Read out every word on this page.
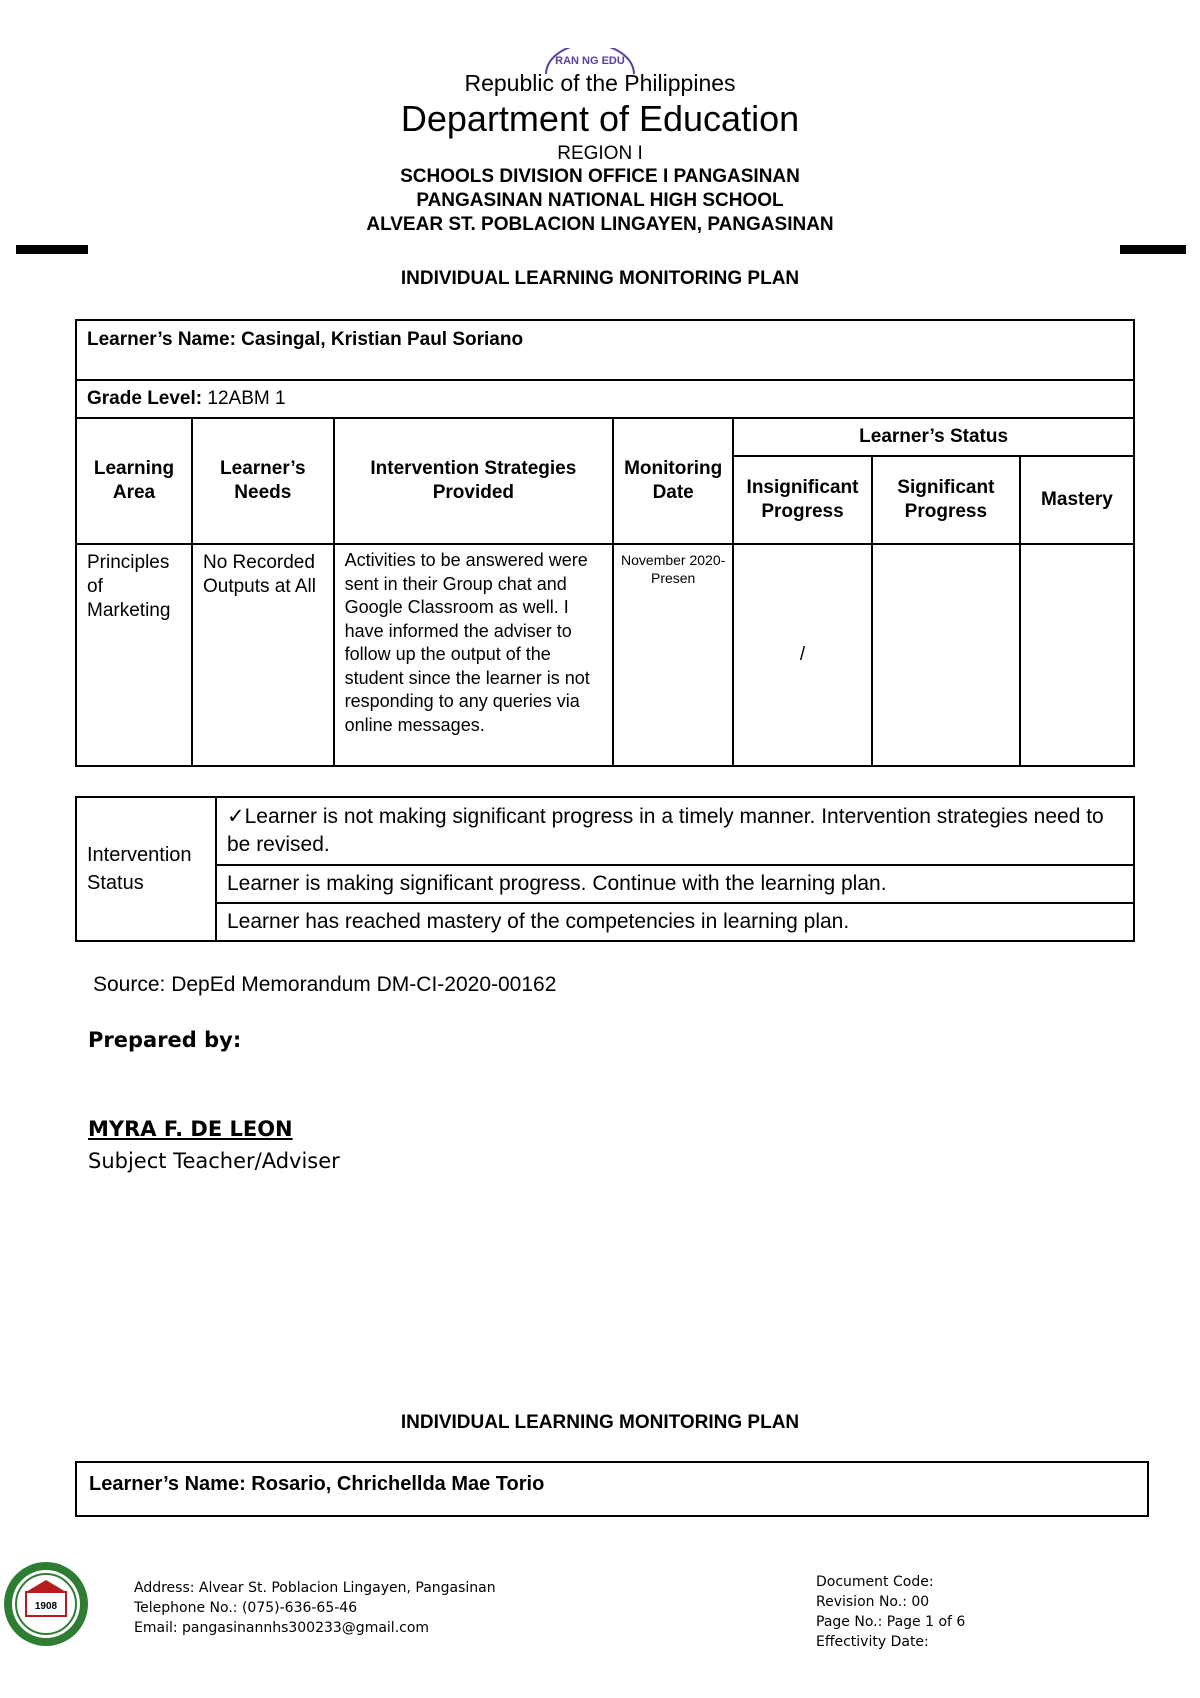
RAN NG EDU
Republic of the Philippines
Department of Education
REGION I
SCHOOLS DIVISION OFFICE I PANGASINAN
PANGASINAN NATIONAL HIGH SCHOOL
ALVEAR ST. POBLACION LINGAYEN, PANGASINAN
INDIVIDUAL LEARNING MONITORING PLAN
Learner’s Name: Casingal, Kristian Paul Soriano						
Grade Level: 12ABM 1						
Learning Area	Learner’s Needs	Intervention Strategies Provided	Monitoring Date	Learner’s Status		
				Insignificant Progress	Significant Progress	Mastery
Principles of Marketing	No Recorded Outputs at All	Activities to be answered were sent in their Group chat and Google Classroom as well. I have informed the adviser to follow up the output of the student since the learner is not responding to any queries via online messages.	November 2020-Presen	/		
Intervention Status	✓Learner is not making significant progress in a timely manner. Intervention strategies need to be revised.
Learner is making significant progress. Continue with the learning plan.
Learner has reached mastery of the competencies in learning plan.
Source: DepEd Memorandum DM-CI-2020-00162
Prepared by:
MYRA F. DE LEON
Subject Teacher/Adviser
INDIVIDUAL LEARNING MONITORING PLAN
Learner’s Name: Rosario, Chrichellda Mae Torio
1908
Address: Alvear St. Poblacion Lingayen, Pangasinan
Telephone No.: (075)-636-65-46
Email: pangasinannhs300233@gmail.com
Document Code:
Revision No.: 00
Page No.: Page 1 of 6
Effectivity Date:
